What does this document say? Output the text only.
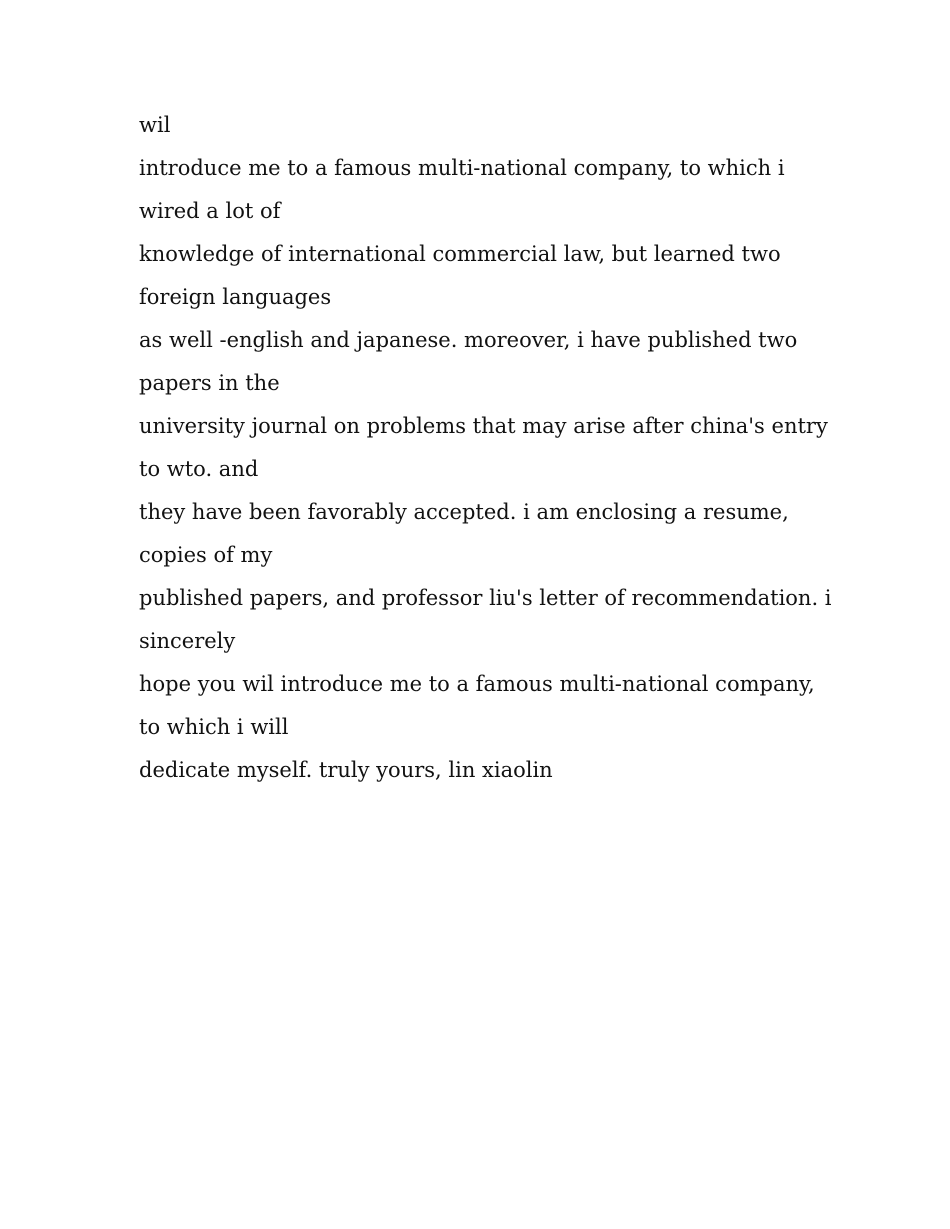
wil
introduce me to a famous multi-national company, to which i
wired a lot of
knowledge of international commercial law, but learned two
foreign languages
as well -english and japanese. moreover, i have published two
papers in the
university journal on problems that may arise after china's entry
to wto. and
they have been favorably accepted. i am enclosing a resume,
copies of my
published papers, and professor liu's letter of recommendation. i
sincerely
hope you wil introduce me to a famous multi-national company,
to which i will
dedicate myself. truly yours, lin xiaolin
